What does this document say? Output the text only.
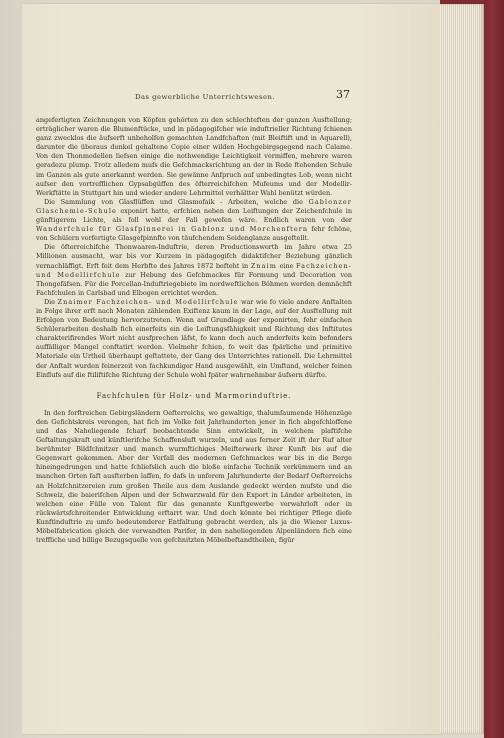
Das gewerbliche Unterrichtswesen.	37

angefertigten Zeichnungen von Köpfen gehörten zu den schlechteften der ganzen Ausftellung; erträglicher waren die Blumenftücke, und in pädagogifcher wie induftrieller Richtung fchienen ganz zwecklos die äufserft unbeholfen gemachten Landfchaften (mit Bleiftift und in Aquarell), darunter die überaus dunkel gehaltene Copie einer wilden Hochgebirgsgegend nach Calame. Von den Thonmodellen liefsen einige die nothwendige Leichtigkeit vermiffen, mehrere waren geradezu plump. Trotz alledem mufs die Gefchmacksrichtung an der in Rede ftehenden Schule im Ganzen als gute anerkannt werden. Sie gewänne Anfpruch auf unbedingtes Lob, wenn nicht aufser den vortrefflichen Gypsabgüffen des öfterreichifchen Mufeums und der Modellir-Werkftätte in Stuttgart hin und wieder andere Lehrmittel verhältter Wahl benützt würden.

Die Sammlung von Glasflüffen und Glasmofaik - Arbeiten, welche die Gablonzer Glaschemie-Schule exponirt hatte, erfchien neben den Leiftungen der Zeichenfchule in günftigerem Lichte, als foll wohl der Fall gewefen wäre. Endlich waren von der Wanderfchule für Glasfpinnerei in Gablonz und Morchenftern fehr fchöne, von Schülern verfertigte Glasgefpinnfte von täufchendem Seidenglanze ausgeftellt.

Die öfterreichifche Thonwaaren-Induftrie, deren Productionswerth im Jahre etwa 25 Millionen ausmacht, war bis vor Kurzem in pädagogifch didaktifcher Beziehung gänzlich vernachläffigt. Erft feit dem Herbfte des Jahres 1872 befteht in Znaim eine Fachzeichen- und Modellirfchule zur Hebung des Gefchmackes für Formung und Decoration von Thongefäfsen. Für die Porcellan-Induftriegebiete im nordweftlichen Böhmen werden demnächft Fachfchulen in Carlsbad und Elbogen errichtet werden.

Die Znaimer Fachzeichen- und Modellirfchule war wie fo viele andere Anftalten in Folge ihrer erft nach Monaten zählenden Exiftenz kaum in der Lage, auf der Ausftellung mit Erfolgen von Bedeutung hervorzutreten. Wenn auf Grundlage der exponirten, fehr einfachen Schülerarbeiten deshalb fich einerfeits ein die Leiftungsfähigkeit und Richtung des Inftitutes charakterifirendes Wort nicht ausfprechen läfst, fo kann doch auch anderfeits kein befonders auffälliger Mangel conftatirt werden. Vielmehr fchien, fo weit das fpärliche und primitive Materiale ein Urtheil überhaupt geftattete, der Gang des Unterrichtes rationell. Die Lehrmittel der Anftalt wurden feinerzeit von fachkundiger Hand ausgewählt, ein Umftand, welcher feinen Einflufs auf die ftiliftifche Richtung der Schule wohl fpäter wahrnehmbar äufsern dürfte.

Fachfchulen für Holz- und Marmorinduftrie.

In den forftreichen Gebirgsländern Oefterreichs, wo gewaltige, thalumfaumende Höhenzüge den Gefichtskreis verengen, hat fich im Volke feit Jahrhunderten jener in fich abgefchloffene und das Naheliegende fcharf beobachtende Sinn entwickelt, in welchem plaftifche Geftaltungskraft und künftlerifche Schaffensluft wurzeln, und aus ferner Zeit ift der Ruf alter berühmter Bildfchnitzer und manch wurmftichiges Meifterwerk ihrer Kunft bis auf die Gegenwart gekommen. Aber der Verfall des modernen Gefchmackes war bis in die Berge hineingedrungen und hatte fchliefslich auch die bloße einfache Technik verkümmern und an manchen Orten faft ausfterben laffen, fo dafs in unferem Jahrhunderte der Bedarf Oefterreichs an Holzfchnitzereien zum großen Theile aus dem Auslande gedeckt werden mufste und die Schweiz, die baierifchen Alpen und der Schwarzwald für den Export in Länder arbeiteten, in welchen eine Fülle von Talent für das genannte Kunftgewerbe verwahrloft oder in rückwärtsfchreitender Entwicklung erftarrt war. Und doch könnte bei richtiger Pflege diefe Kunftinduftrie zu umfo bedeutenderer Entfaltung gebracht werden, als ja die Wiener Luxus-Möbelfabrication gleich der verwandten Parifer, in den naheliegenden Alpenländern fich eine treffliche und billige Bezugsquelle von gefchnitzten Möbelbeftandtheilen, figür
